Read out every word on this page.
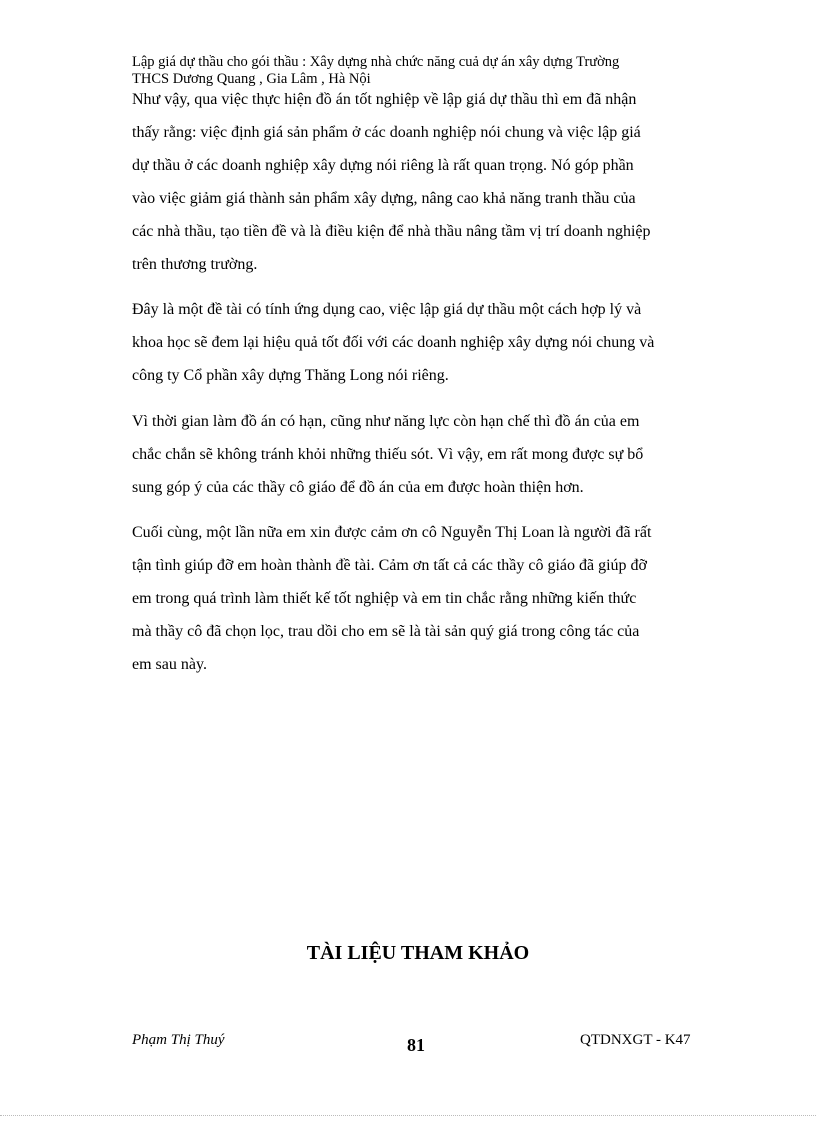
Lập giá dự thầu cho gói thầu : Xây dựng nhà chức năng cuả dự án xây dựng Trường
THCS Dương Quang , Gia Lâm , Hà Nội
Như vậy, qua việc thực hiện đồ án tốt nghiệp về lập giá dự thầu thì em đã nhận
thấy rằng: việc định giá sản phẩm ở các doanh nghiệp nói chung và việc lập giá
dự thầu ở các doanh nghiệp xây dựng nói riêng là rất quan trọng. Nó góp phần
vào việc giảm giá thành sản phẩm xây dựng, nâng cao khả năng tranh thầu của
các nhà thầu, tạo tiền đề và là điều kiện để nhà thầu nâng tầm vị trí doanh nghiệp
trên thương trường.
Đây là một đề tài có tính ứng dụng cao, việc lập giá dự thầu một cách hợp lý và
khoa học sẽ đem lại hiệu quả tốt đối với các doanh nghiệp xây dựng nói chung và
công ty Cổ phần xây dựng Thăng Long nói riêng.
Vì thời gian làm đồ án có hạn, cũng như năng lực còn hạn chế thì đồ án của em
chắc chắn sẽ không tránh khỏi những thiếu sót. Vì vậy, em rất mong được sự bổ
sung góp ý của các thầy cô giáo để đồ án của em được hoàn thiện hơn.
Cuối cùng, một lần nữa em xin được cảm ơn cô Nguyễn Thị Loan là người đã rất
tận tình giúp đỡ em hoàn thành đề tài. Cảm ơn tất cả các thầy cô giáo đã giúp đỡ
em trong quá trình làm thiết kế tốt nghiệp và em tin chắc rằng những kiến thức
mà thầy cô đã chọn lọc, trau dồi cho em sẽ là tài sản quý giá trong công tác của
em sau này.
TÀI LIỆU THAM KHẢO
Phạm Thị Thuý	81	QTDNXGT - K47
